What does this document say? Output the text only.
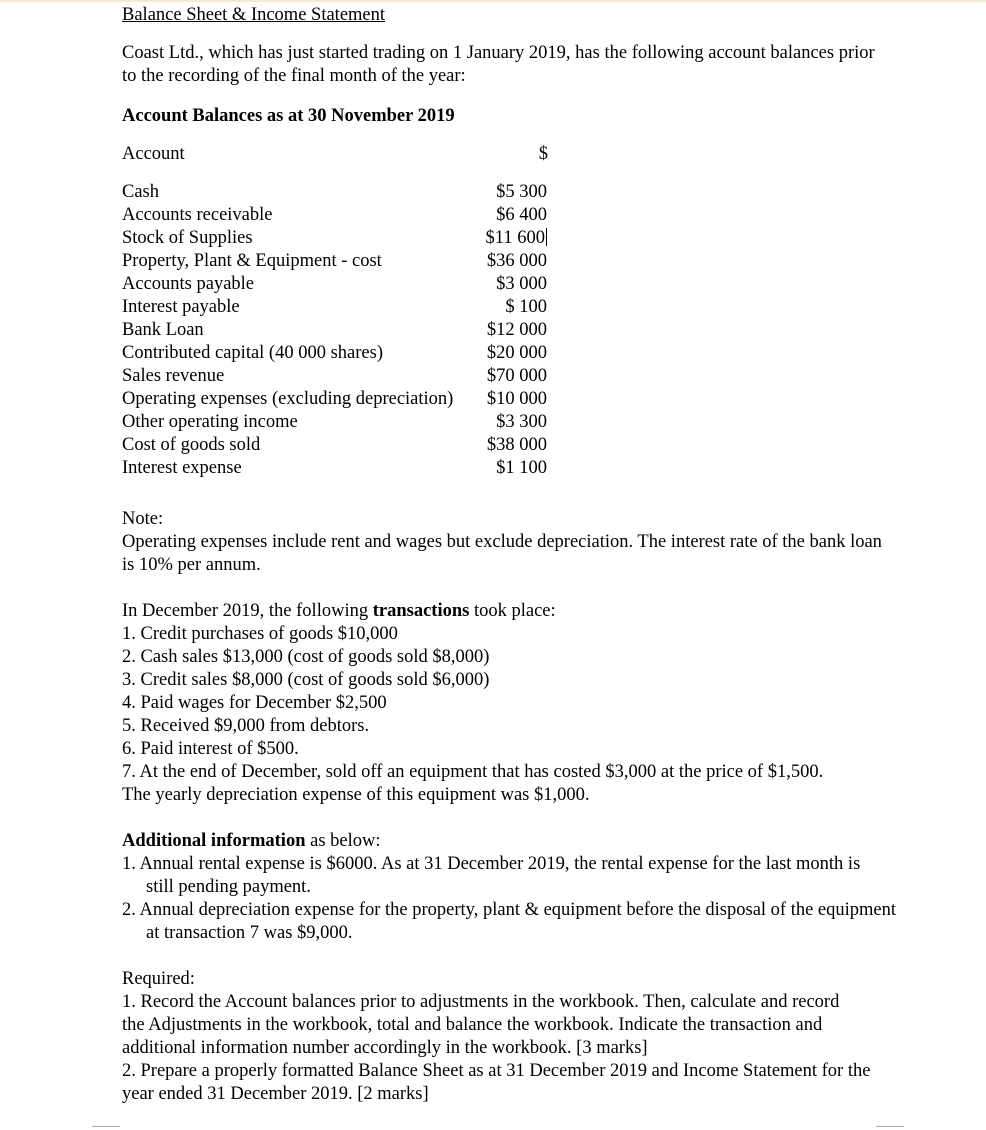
Balance Sheet & Income Statement
Coast Ltd., which has just started trading on 1 January 2019, has the following account balances prior to the recording of the final month of the year:
Account Balances as at 30 November 2019
Account	$
Cash	$5 300
Accounts receivable	$6 400
Stock of Supplies	$11 600
Property, Plant & Equipment - cost	$36 000
Accounts payable	$3 000
Interest payable	$ 100
Bank Loan	$12 000
Contributed capital (40 000 shares)	$20 000
Sales revenue	$70 000
Operating expenses (excluding depreciation) $10 000
Other operating income	$3 300
Cost of goods sold	$38 000
Interest expense	$1 100
Note:
Operating expenses include rent and wages but exclude depreciation. The interest rate of the bank loan is 10% per annum.
In December 2019, the following transactions took place:
1. Credit purchases of goods $10,000
2. Cash sales $13,000 (cost of goods sold $8,000)
3. Credit sales $8,000 (cost of goods sold $6,000)
4. Paid wages for December $2,500
5. Received $9,000 from debtors.
6. Paid interest of $500.
7. At the end of December, sold off an equipment that has costed $3,000 at the price of $1,500. The yearly depreciation expense of this equipment was $1,000.
Additional information as below:
1. Annual rental expense is $6000. As at 31 December 2019, the rental expense for the last month is still pending payment.
2. Annual depreciation expense for the property, plant & equipment before the disposal of the equipment at transaction 7 was $9,000.
Required:
1. Record the Account balances prior to adjustments in the workbook. Then, calculate and record the Adjustments in the workbook, total and balance the workbook. Indicate the transaction and additional information number accordingly in the workbook. [3 marks]
2. Prepare a properly formatted Balance Sheet as at 31 December 2019 and Income Statement for the year ended 31 December 2019. [2 marks]
